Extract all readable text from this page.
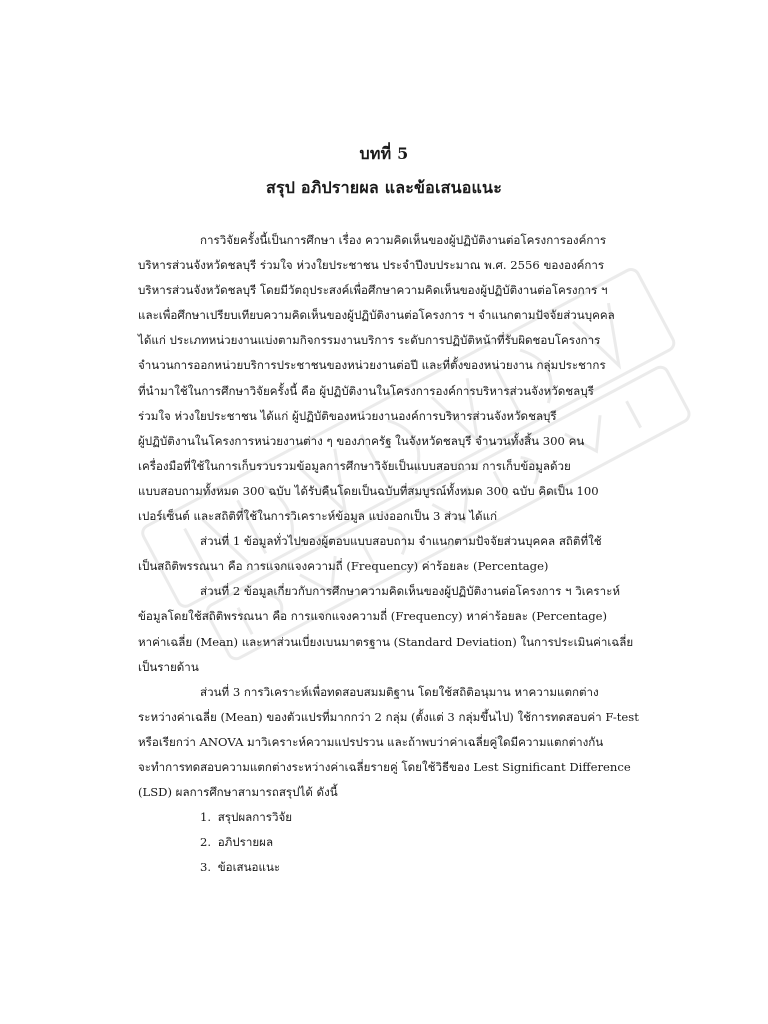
บทที่ 5
สรุป อภิปรายผล และข้อเสนอแนะ
การวิจัยครั้งนี้เป็นการศึกษา เรื่อง ความคิดเห็นของผู้ปฏิบัติงานต่อโครงการองค์การ
บริหารส่วนจังหวัดชลบุรี ร่วมใจ ห่วงใยประชาชน ประจำปีงบประมาณ พ.ศ. 2556 ขององค์การ
บริหารส่วนจังหวัดชลบุรี โดยมีวัตถุประสงค์เพื่อศึกษาความคิดเห็นของผู้ปฏิบัติงานต่อโครงการ ฯ
และเพื่อศึกษาเปรียบเทียบความคิดเห็นของผู้ปฏิบัติงานต่อโครงการ ฯ จำแนกตามปัจจัยส่วนบุคคล
ได้แก่ ประเภทหน่วยงานแบ่งตามกิจกรรมงานบริการ ระดับการปฏิบัติหน้าที่รับผิดชอบโครงการ
จำนวนการออกหน่วยบริการประชาชนของหน่วยงานต่อปี และที่ตั้งของหน่วยงาน กลุ่มประชากร
ที่นำมาใช้ในการศึกษาวิจัยครั้งนี้ คือ ผู้ปฏิบัติงานในโครงการองค์การบริหารส่วนจังหวัดชลบุรี
ร่วมใจ ห่วงใยประชาชน ได้แก่ ผู้ปฏิบัติของหน่วยงานองค์การบริหารส่วนจังหวัดชลบุรี
ผู้ปฏิบัติงานในโครงการหน่วยงานต่าง ๆ ของภาครัฐ ในจังหวัดชลบุรี จำนวนทั้งสิ้น 300 คน
เครื่องมือที่ใช้ในการเก็บรวบรวมข้อมูลการศึกษาวิจัยเป็นแบบสอบถาม การเก็บข้อมูลด้วย
แบบสอบถามทั้งหมด 300 ฉบับ ได้รับคืนโดยเป็นฉบับที่สมบูรณ์ทั้งหมด 300 ฉบับ คิดเป็น 100
เปอร์เซ็นต์ และสถิติที่ใช้ในการวิเคราะห์ข้อมูล แบ่งออกเป็น 3 ส่วน ได้แก่
ส่วนที่ 1 ข้อมูลทั่วไปของผู้ตอบแบบสอบถาม จำแนกตามปัจจัยส่วนบุคคล สถิติที่ใช้
เป็นสถิติพรรณนา คือ การแจกแจงความถี่ (Frequency) ค่าร้อยละ (Percentage)
ส่วนที่ 2 ข้อมูลเกี่ยวกับการศึกษาความคิดเห็นของผู้ปฏิบัติงานต่อโครงการ ฯ วิเคราะห์
ข้อมูลโดยใช้สถิติพรรณนา คือ การแจกแจงความถี่ (Frequency) หาค่าร้อยละ (Percentage)
หาค่าเฉลี่ย (Mean) และหาส่วนเบี่ยงเบนมาตรฐาน (Standard Deviation) ในการประเมินค่าเฉลี่ย
เป็นรายด้าน
ส่วนที่ 3 การวิเคราะห์เพื่อทดสอบสมมติฐาน โดยใช้สถิติอนุมาน หาความแตกต่าง
ระหว่างค่าเฉลี่ย (Mean) ของตัวแปรที่มากกว่า 2 กลุ่ม (ตั้งแต่ 3 กลุ่มขึ้นไป) ใช้การทดสอบค่า F-test
หรือเรียกว่า ANOVA มาวิเคราะห์ความแปรปรวน และถ้าพบว่าค่าเฉลี่ยคู่ใดมีความแตกต่างกัน
จะทำการทดสอบความแตกต่างระหว่างค่าเฉลี่ยรายคู่ โดยใช้วิธีของ Lest Significant Difference
(LSD) ผลการศึกษาสามารถสรุปได้ ดังนี้
1. สรุปผลการวิจัย
2. อภิปรายผล
3. ข้อเสนอแนะ
